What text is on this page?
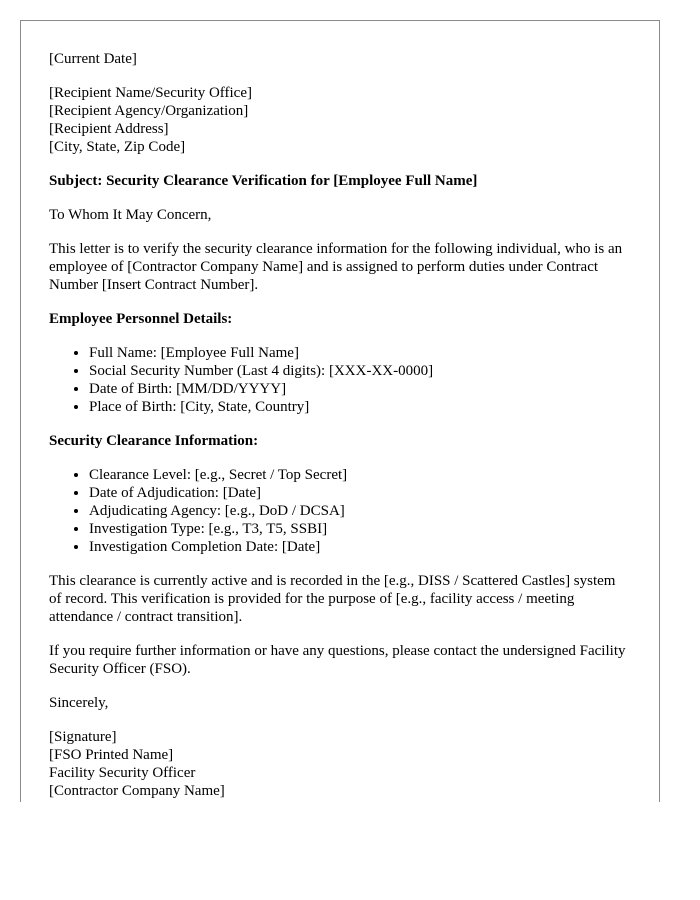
[Current Date]

[Recipient Name/Security Office]
[Recipient Agency/Organization]
[Recipient Address]
[City, State, Zip Code]

Subject: Security Clearance Verification for [Employee Full Name]

To Whom It May Concern,

This letter is to verify the security clearance information for the following individual, who is an employee of [Contractor Company Name] and is assigned to perform duties under Contract Number [Insert Contract Number].

Employee Personnel Details:

• Full Name: [Employee Full Name]
• Social Security Number (Last 4 digits): [XXX-XX-0000]
• Date of Birth: [MM/DD/YYYY]
• Place of Birth: [City, State, Country]

Security Clearance Information:

• Clearance Level: [e.g., Secret / Top Secret]
• Date of Adjudication: [Date]
• Adjudicating Agency: [e.g., DoD / DCSA]
• Investigation Type: [e.g., T3, T5, SSBI]
• Investigation Completion Date: [Date]

This clearance is currently active and is recorded in the [e.g., DISS / Scattered Castles] system of record. This verification is provided for the purpose of [e.g., facility access / meeting attendance / contract transition].

If you require further information or have any questions, please contact the undersigned Facility Security Officer (FSO).

Sincerely,

[Signature]
[FSO Printed Name]
Facility Security Officer
[Contractor Company Name]
